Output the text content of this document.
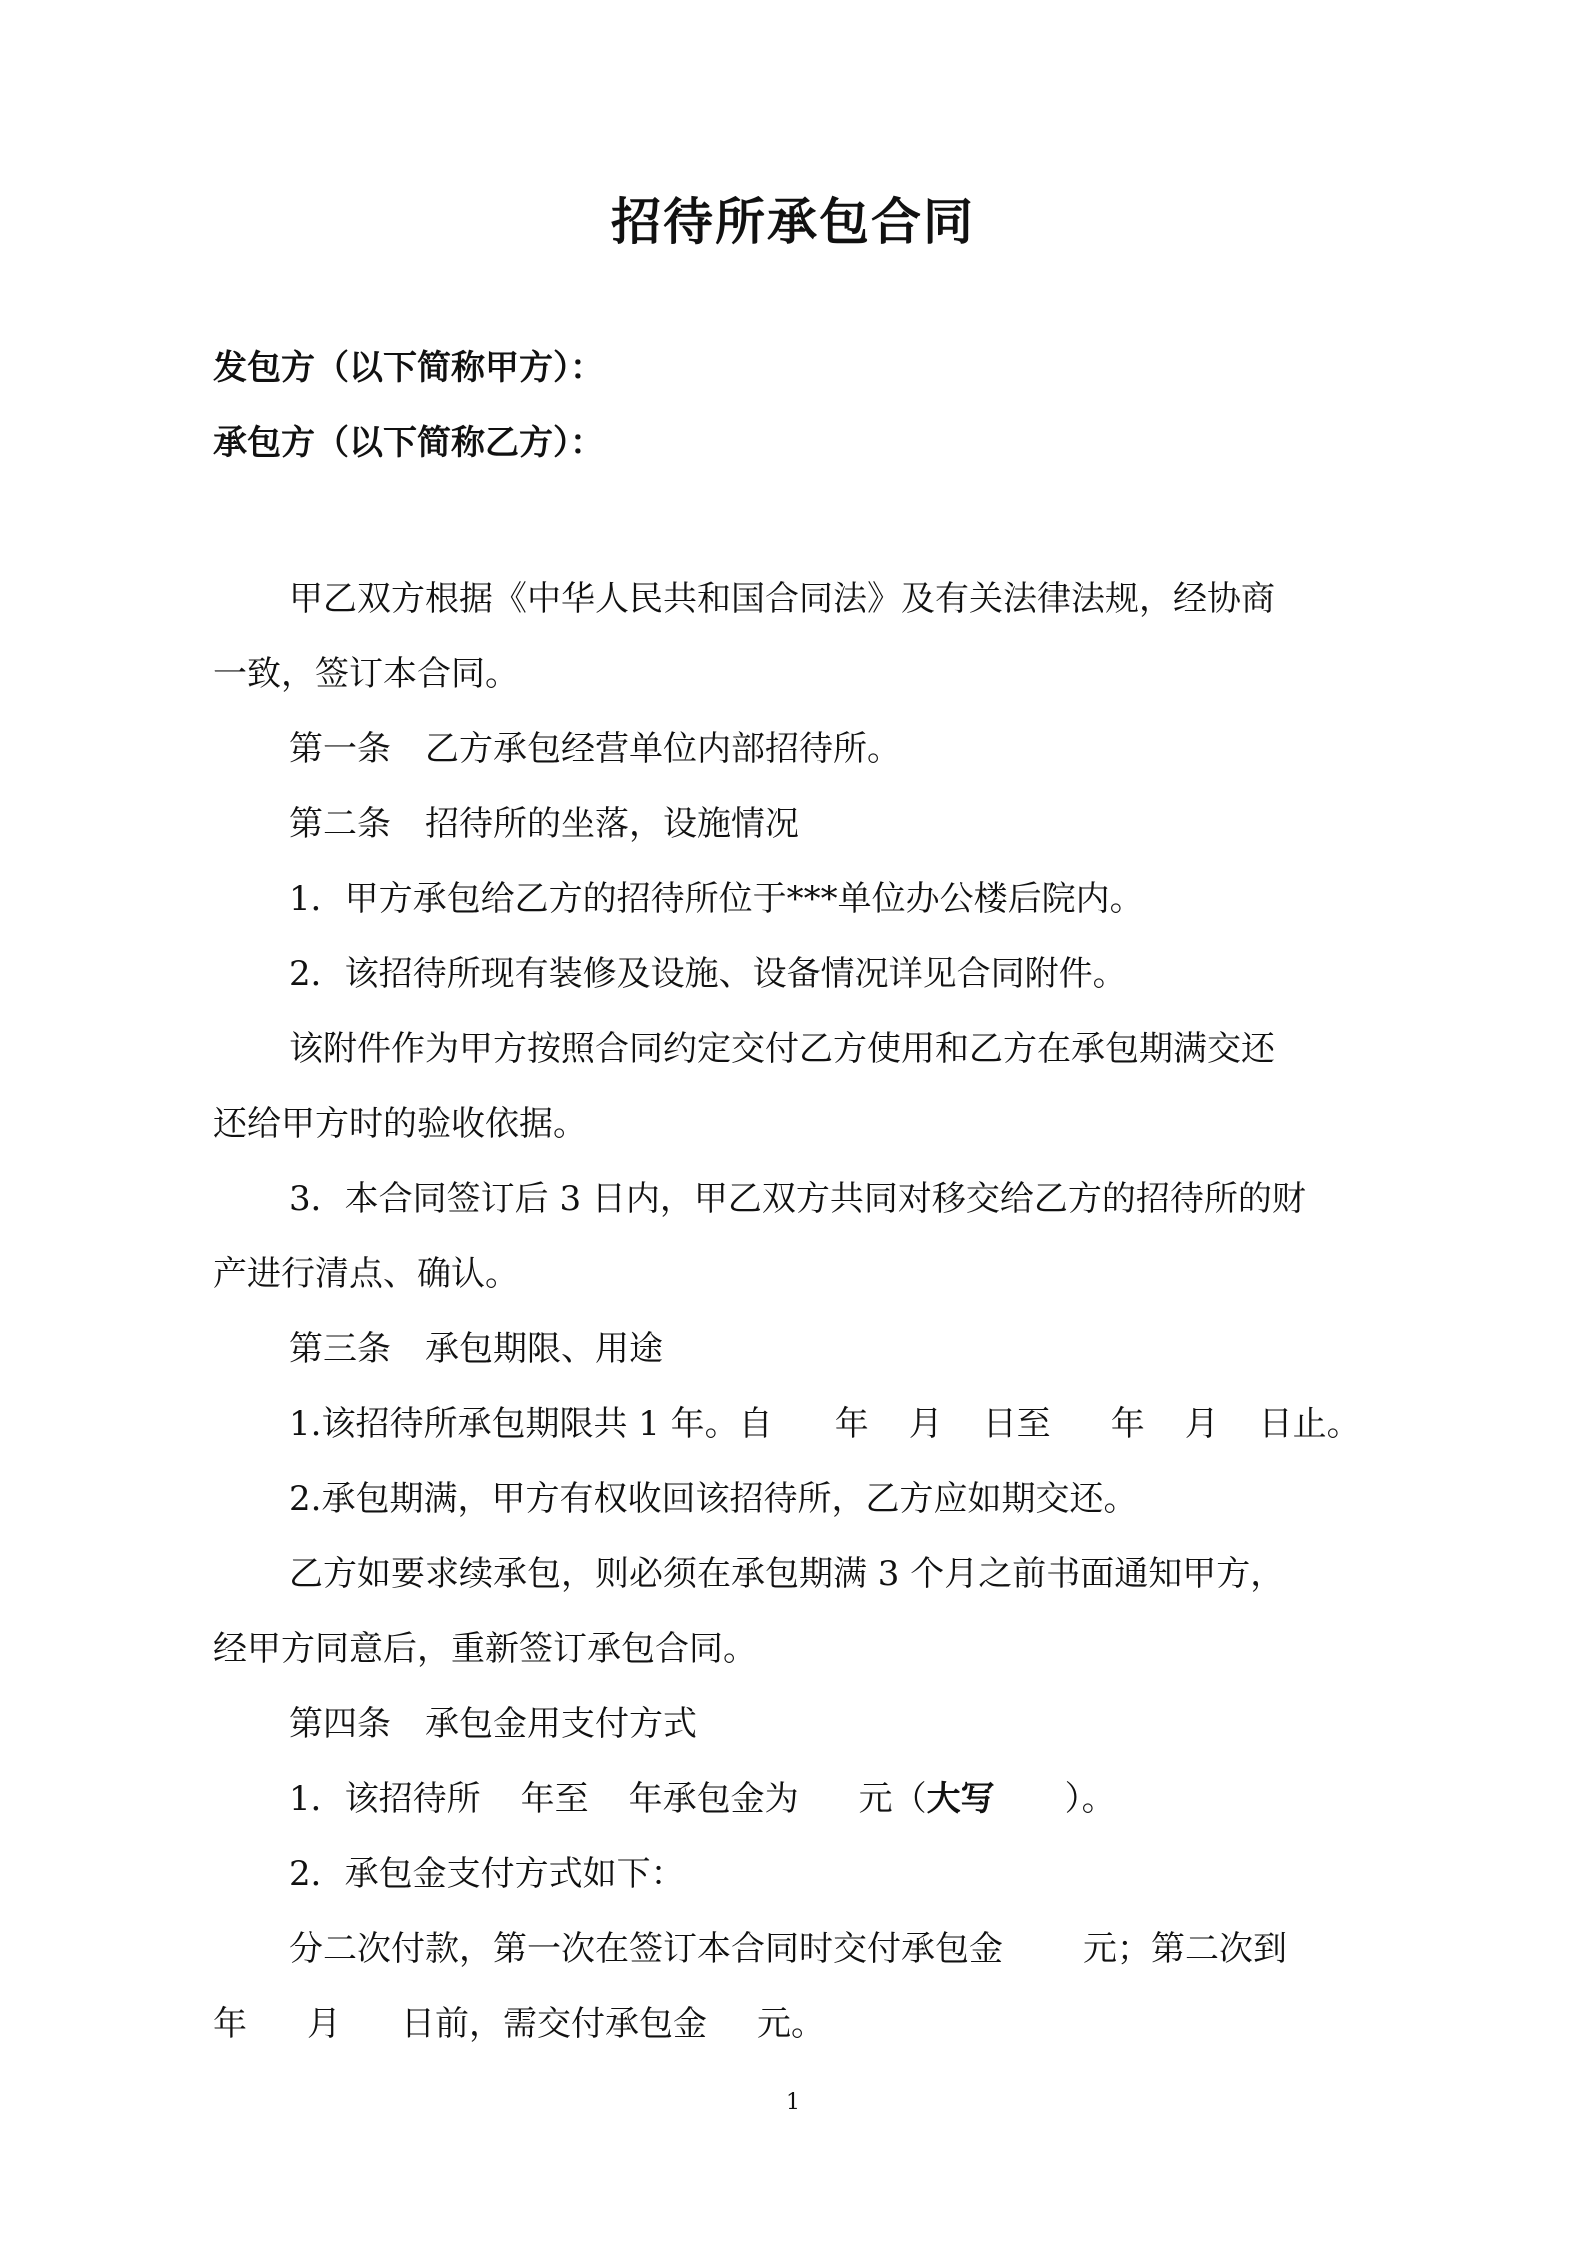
招待所承包合同
发包方（以下简称甲方）：
承包方（以下简称乙方）：

甲乙双方根据《中华人民共和国合同法》及有关法律法规，经协商

一致，签订本合同。

第一条　乙方承包经营单位内部招待所。

第二条　招待所的坐落，设施情况

1．甲方承包给乙方的招待所位于***单位办公楼后院内。

2．该招待所现有装修及设施、设备情况详见合同附件。

该附件作为甲方按照合同约定交付乙方使用和乙方在承包期满交还

还给甲方时的验收依据。

3．本合同签订后 3 日内，甲乙双方共同对移交给乙方的招待所的财

产进行清点、确认。

第三条　承包期限、用途

1.该招待所承包期限共 1 年。自 年 月 日至 年 月 日止。

2.承包期满，甲方有权收回该招待所，乙方应如期交还。

乙方如要求续承包，则必须在承包期满 3 个月之前书面通知甲方，

经甲方同意后，重新签订承包合同。

第四条　承包金用支付方式

1．该招待所 年至 年承包金为 元（大写 ）。

2．承包金支付方式如下：

分二次付款，第一次在签订本合同时交付承包金 元；第二次到

年 月 日前，需交付承包金 元。

1
